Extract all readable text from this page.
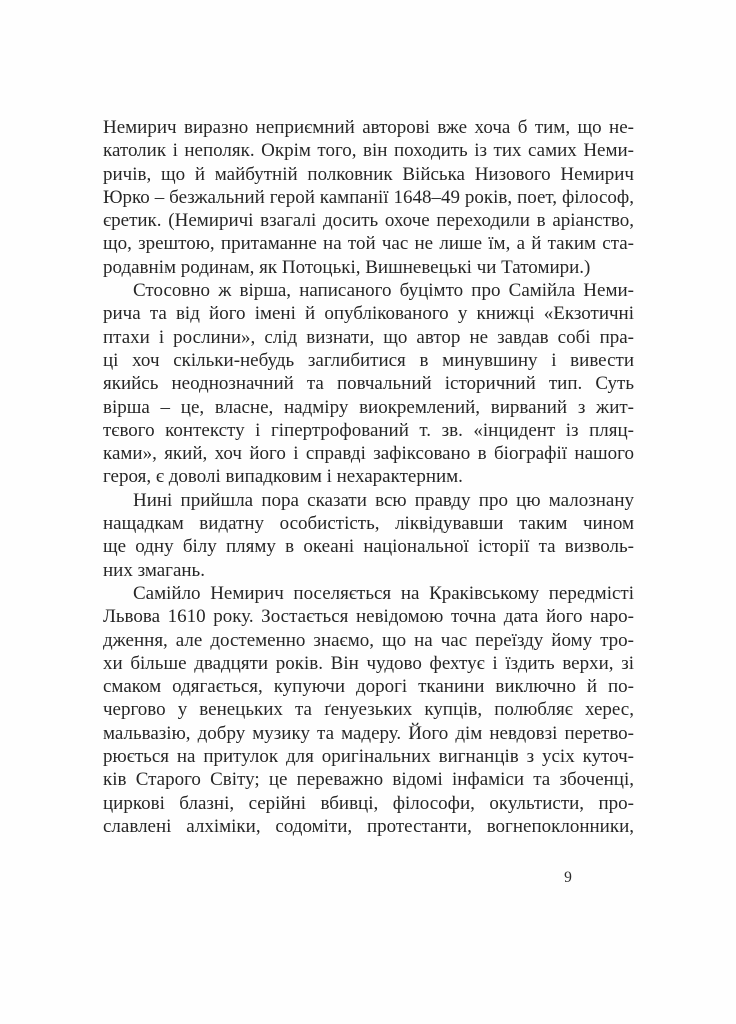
Немирич виразно неприємний авторові вже хоча б тим, що не-
католик і неполяк. Окрім того, він походить із тих самих Неми-
ричів, що й майбутній полковник Війська Низового Немирич
Юрко – безжальний герой кампанії 1648–49 років, поет, філософ,
єретик. (Немиричі взагалі досить охоче переходили в аріанство,
що, зрештою, притаманне на той час не лише їм, а й таким ста-
родавнім родинам, як Потоцькі, Вишневецькі чи Татомири.)
Стосовно ж вірша, написаного буцімто про Самійла Неми-
рича та від його імені й опублікованого у книжці «Екзотичні
птахи і рослини», слід визнати, що автор не завдав собі пра-
ці хоч скільки-небудь заглибитися в минувшину і вивести
якийсь неоднозначний та повчальний історичний тип. Суть
вірша – це, власне, надміру виокремлений, вирваний з жит-
тєвого контексту і гіпертрофований т. зв. «інцидент із пляц-
ками», який, хоч його і справді зафіксовано в біографії нашого
героя, є доволі випадковим і нехарактерним.
Нині прийшла пора сказати всю правду про цю малознану
нащадкам видатну особистість, ліквідувавши таким чином
ще одну білу пляму в океані національної історії та визволь-
них змагань.
Самійло Немирич поселяється на Краківському передмісті
Львова 1610 року. Зостається невідомою точна дата його наро-
дження, але достеменно знаємо, що на час переїзду йому тро-
хи більше двадцяти років. Він чудово фехтує і їздить верхи, зі
смаком одягається, купуючи дорогі тканини виключно й по-
чергово у венецьких та ґенуезьких купців, полюбляє херес,
мальвазію, добру музику та мадеру. Його дім невдовзі перетво-
рюється на притулок для оригінальних вигнанців з усіх куточ-
ків Старого Світу; це переважно відомі інфаміси та збоченці,
циркові блазні, серійні вбивці, філософи, окультисти, про-
славлені алхіміки, содоміти, протестанти, вогнепоклонники,
9
